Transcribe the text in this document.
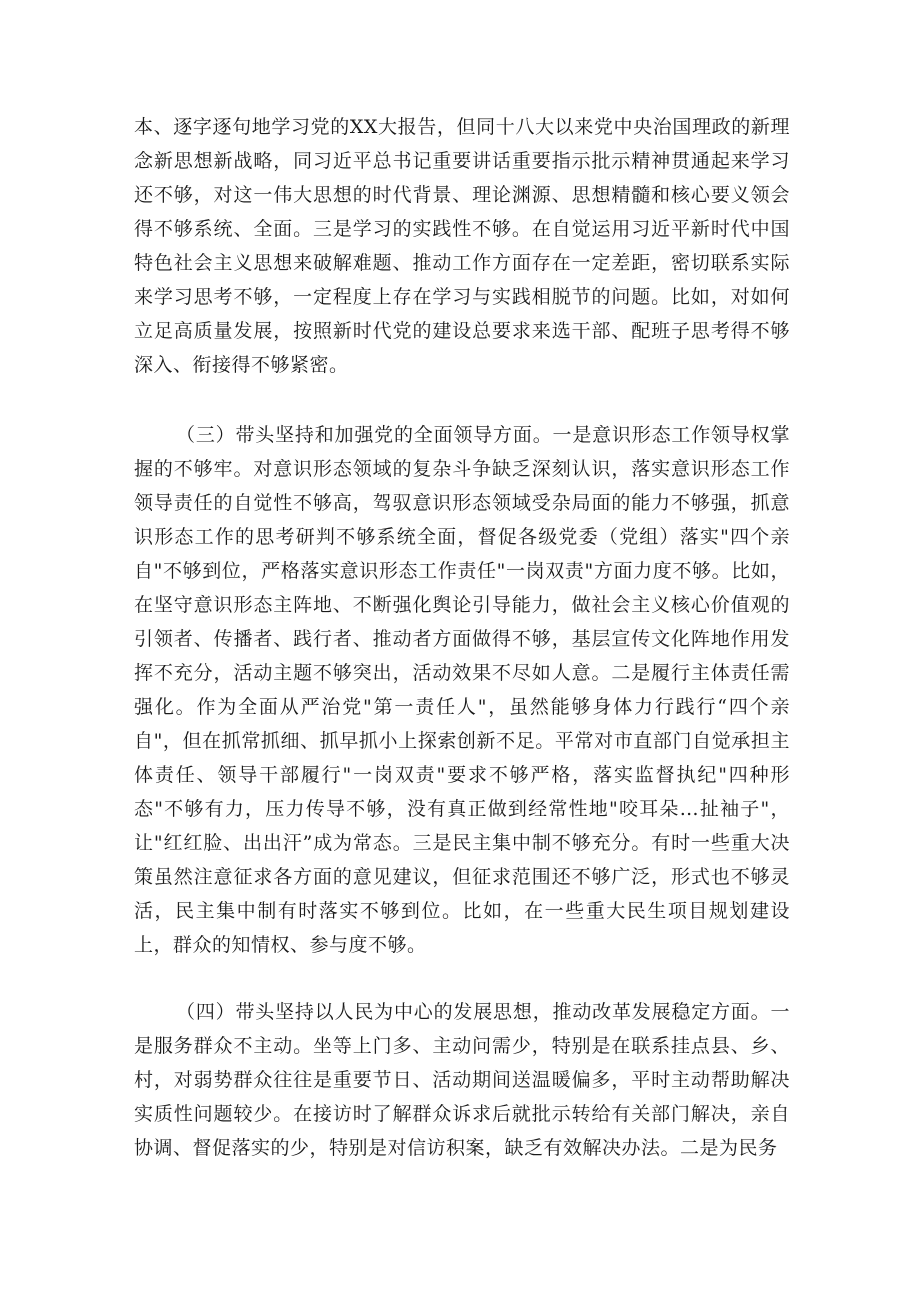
本、逐字逐句地学习党的XX大报告，但同十八大以来党中央治国理政的新理念新思想新战略，同习近平总书记重要讲话重要指示批示精神贯通起来学习还不够，对这一伟大思想的时代背景、理论渊源、思想精髓和核心要义领会得不够系统、全面。三是学习的实践性不够。在自觉运用习近平新时代中国特色社会主义思想来破解难题、推动工作方面存在一定差距，密切联系实际来学习思考不够，一定程度上存在学习与实践相脱节的问题。比如，对如何立足高质量发展，按照新时代党的建设总要求来选干部、配班子思考得不够深入、衔接得不够紧密。

（三）带头坚持和加强党的全面领导方面。一是意识形态工作领导权掌握的不够牢。对意识形态领域的复杂斗争缺乏深刻认识，落实意识形态工作领导责任的自觉性不够高，驾驭意识形态领域受杂局面的能力不够强，抓意识形态工作的思考研判不够系统全面，督促各级党委（党组）落实"四个亲自"不够到位，严格落实意识形态工作责任"一岗双责"方面力度不够。比如，在坚守意识形态主阵地、不断强化舆论引导能力，做社会主义核心价值观的引领者、传播者、践行者、推动者方面做得不够，基层宣传文化阵地作用发挥不充分，活动主题不够突出，活动效果不尽如人意。二是履行主体责任需强化。作为全面从严治党"第一责任人"，虽然能够身体力行践行“四个亲自"，但在抓常抓细、抓早抓小上探索创新不足。平常对市直部门自觉承担主体责任、领导干部履行"一岗双责"要求不够严格，落实监督执纪"四种形态"不够有力，压力传导不够，没有真正做到经常性地"咬耳朵…扯袖子"，让"红红脸、出出汗”成为常态。三是民主集中制不够充分。有时一些重大决策虽然注意征求各方面的意见建议，但征求范围还不够广泛，形式也不够灵活，民主集中制有时落实不够到位。比如，在一些重大民生项目规划建设上，群众的知情权、参与度不够。

（四）带头坚持以人民为中心的发展思想，推动改革发展稳定方面。一是服务群众不主动。坐等上门多、主动问需少，特别是在联系挂点县、乡、村，对弱势群众往往是重要节日、活动期间送温暖偏多，平时主动帮助解决实质性问题较少。在接访时了解群众诉求后就批示转给有关部门解决，亲自协调、督促落实的少，特别是对信访积案，缺乏有效解决办法。二是为民务
